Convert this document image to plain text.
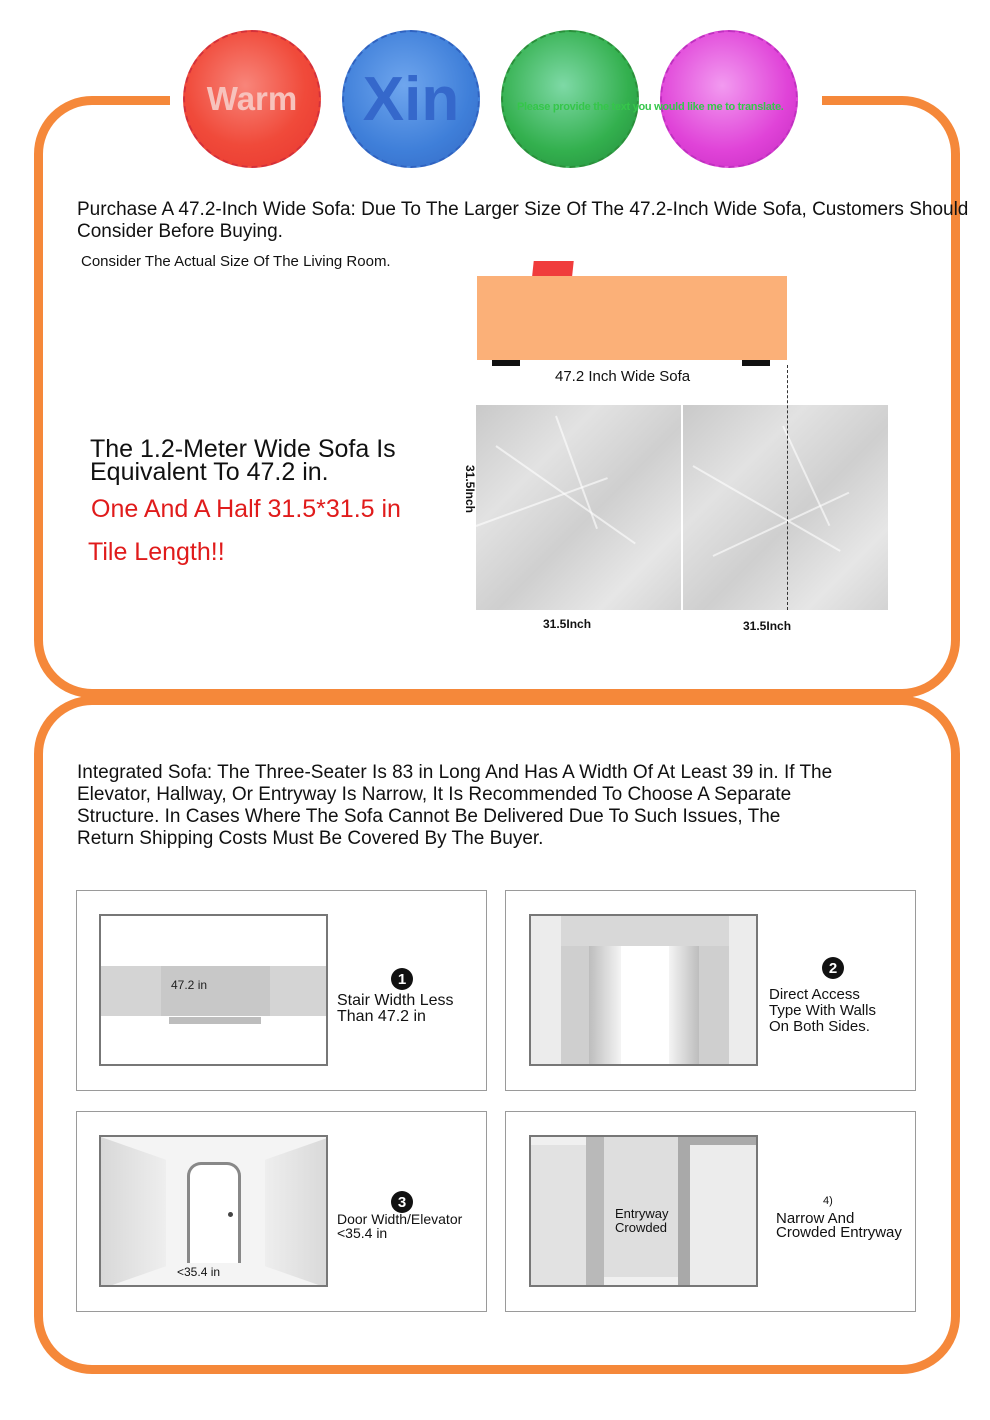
Warm Xin	Please provide the text you would like me to translate.
Purchase A 47.2-Inch Wide Sofa: Due To The Larger Size Of The 47.2-Inch Wide Sofa, Customers Should Consider Before Buying.
Consider The Actual Size Of The Living Room.
47.2 Inch Wide Sofa
31.5Inch
31.5Inch	31.5Inch
The 1.2-Meter Wide Sofa Is Equivalent To 47.2 in.
One And A Half 31.5*31.5 in
Tile Length!!
Integrated Sofa: The Three-Seater Is 83 in Long And Has A Width Of At Least 39 in. If The Elevator, Hallway, Or Entryway Is Narrow, It Is Recommended To Choose A Separate Structure. In Cases Where The Sofa Cannot Be Delivered Due To Such Issues, The Return Shipping Costs Must Be Covered By The Buyer.
47.2 in	1
Stair Width Less Than 47.2 in
2
Direct Access Type With Walls On Both Sides.
<35.4 in
3
Door Width/Elevator <35.4 in
Entryway Crowded
4)
Narrow And Crowded Entryway
